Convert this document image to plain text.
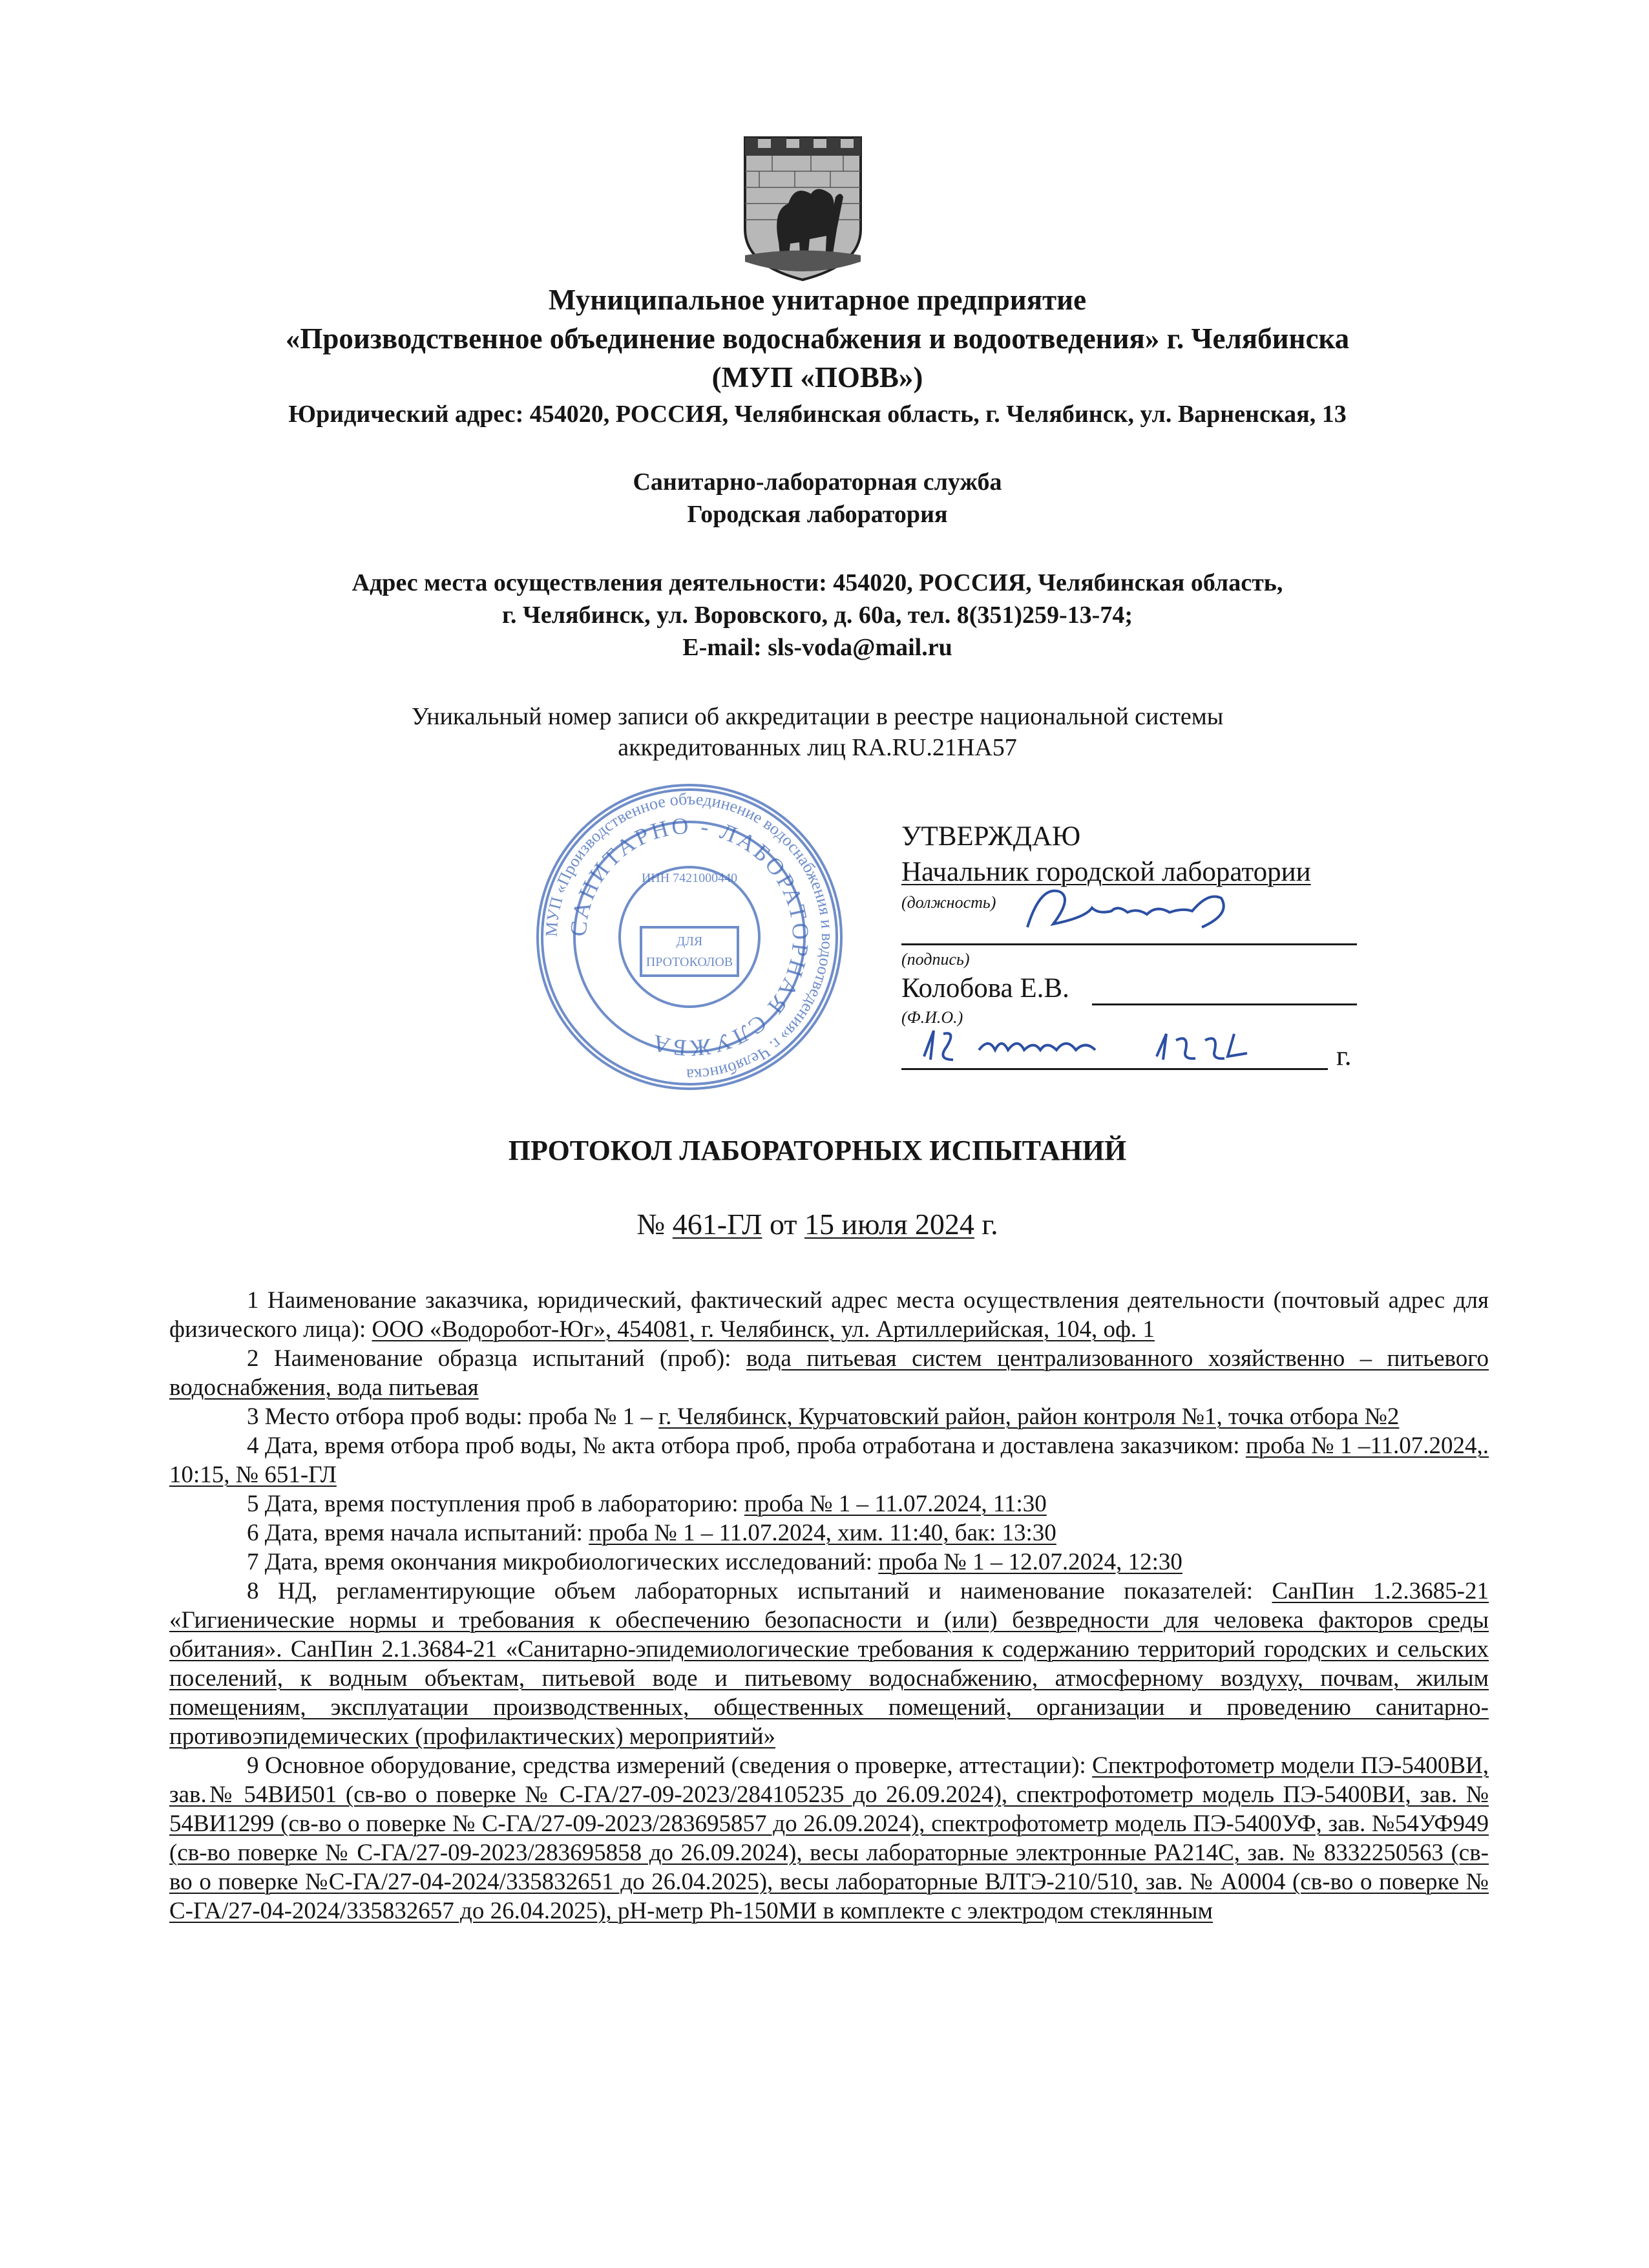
Муниципальное унитарное предприятие
«Производственное объединение водоснабжения и водоотведения» г. Челябинска
(МУП «ПОВВ»)
Юридический адрес: 454020, РОССИЯ, Челябинская область, г. Челябинск, ул. Варненская, 13
Санитарно-лабораторная служба
Городская лаборатория
Адрес места осуществления деятельности: 454020, РОССИЯ, Челябинская область,
г. Челябинск, ул. Воровского, д. 60а, тел. 8(351)259-13-74;
E-mail: sls-voda@mail.ru
Уникальный номер записи об аккредитации в реестре национальной системы
аккредитованных лиц RA.RU.21НА57
МУП «Производственное объединение водоснабжения и водоотведения» г. Челябинска
САНИТАРНО - ЛАБОРАТОРНАЯ СЛУЖБА
ИНН 7421000440
ДЛЯ
ПРОТОКОЛОВ
УТВЕРЖДАЮ
Начальник городской лаборатории
(должность)
(подпись)
Колобова Е.В.
(Ф.И.О.)
г.
ПРОТОКОЛ ЛАБОРАТОРНЫХ ИСПЫТАНИЙ
№ 461-ГЛ от 15 июля 2024 г.

1 Наименование заказчика, юридический, фактический адрес места осуществления деятельности (почтовый адрес для физического лица): ООО «Водоробот-Юг», 454081, г. Челябинск, ул. Артиллерийская, 104, оф. 1

2 Наименование образца испытаний (проб): вода питьевая систем централизованного хозяйственно – питьевого водоснабжения, вода питьевая

3 Место отбора проб воды: проба № 1 – г. Челябинск, Курчатовский район, район контроля №1, точка отбора №2

4 Дата, время отбора проб воды, № акта отбора проб, проба отработана и доставлена заказчиком: проба № 1 –11.07.2024,. 10:15, № 651-ГЛ

5 Дата, время поступления проб в лабораторию: проба № 1 – 11.07.2024, 11:30

6 Дата, время начала испытаний: проба № 1 – 11.07.2024, хим. 11:40, бак: 13:30

7 Дата, время окончания микробиологических исследований: проба № 1 – 12.07.2024, 12:30

8 НД, регламентирующие объем лабораторных испытаний и наименование показателей: СанПин 1.2.3685-21 «Гигиенические нормы и требования к обеспечению безопасности и (или) безвредности для человека факторов среды обитания». СанПин 2.1.3684-21 «Санитарно-эпидемиологические требования к содержанию территорий городских и сельских поселений, к водным объектам, питьевой воде и питьевому водоснабжению, атмосферному воздуху, почвам, жилым помещениям, эксплуатации производственных, общественных помещений, организации и проведению санитарно-противоэпидемических (профилактических) мероприятий»

9 Основное оборудование, средства измерений (сведения о проверке, аттестации): Спектрофотометр модели ПЭ-5400ВИ, зав.№ 54ВИ501 (св-во о поверке № С-ГА/27-09-2023/284105235 до 26.09.2024), спектрофотометр модель ПЭ-5400ВИ, зав. № 54ВИ1299 (св-во о поверке № С-ГА/27-09-2023/283695857 до 26.09.2024), спектрофотометр модель ПЭ-5400УФ, зав. №54УФ949 (св-во поверке № С-ГА/27-09-2023/283695858 до 26.09.2024), весы лабораторные электронные PA214C, зав. № 8332250563 (св-во о поверке №С-ГА/27-04-2024/335832651 до 26.04.2025), весы лабораторные ВЛТЭ-210/510, зав. № А0004 (св-во о поверке № С-ГА/27-04-2024/335832657 до 26.04.2025), pH-метр Ph-150МИ в комплекте с электродом стеклянным
